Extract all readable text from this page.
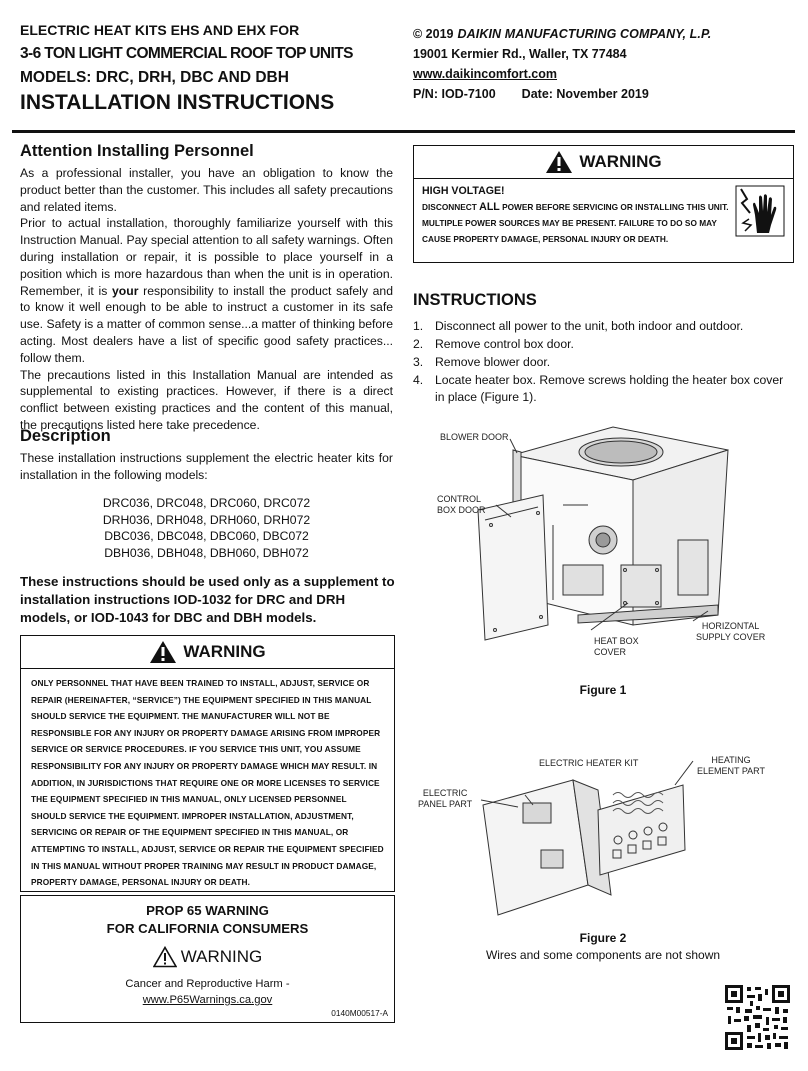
ELECTRIC HEAT KITS EHS AND EHX FOR
3-6 TON LIGHT COMMERCIAL ROOF TOP UNITS
MODELS: DRC, DRH, DBC AND DBH
INSTALLATION INSTRUCTIONS
© 2019 DAIKIN MANUFACTURING COMPANY, L.P.
19001 Kermier Rd., Waller, TX 77484
www.daikincomfort.com
P/N: IOD-7100 Date: November 2019
Attention Installing Personnel

As a professional installer, you have an obligation to know the product better than the customer. This includes all safety precautions and related items.

Prior to actual installation, thoroughly familiarize yourself with this Instruction Manual. Pay special attention to all safety warnings. Often during installation or repair, it is possible to place yourself in a position which is more hazardous than when the unit is in operation. Remember, it is your responsibility to install the product safely and to know it well enough to be able to instruct a customer in its safe use. Safety is a matter of common sense...a matter of thinking before acting. Most dealers have a list of specific good safety practices... follow them.

The precautions listed in this Installation Manual are intended as supplemental to existing practices. However, if there is a direct conflict between existing practices and the content of this manual, the precautions listed here take precedence.

Description
These installation instructions supplement the electric heater kits for installation in the following models:
DRC036, DRC048, DRC060, DRC072
DRH036, DRH048, DRH060, DRH072
DBC036, DBC048, DBC060, DBC072
DBH036, DBH048, DBH060, DBH072
These instructions should be used only as a supplement to installation instructions IOD-1032 for DRC and DRH models, or IOD-1043 for DBC and DBH models.
WARNING
ONLY PERSONNEL THAT HAVE BEEN TRAINED TO INSTALL, ADJUST, SERVICE OR REPAIR (HEREINAFTER, “SERVICE”) THE EQUIPMENT SPECIFIED IN THIS MANUAL SHOULD SERVICE THE EQUIPMENT. THE MANUFACTURER WILL NOT BE RESPONSIBLE FOR ANY INJURY OR PROPERTY DAMAGE ARISING FROM IMPROPER SERVICE OR SERVICE PROCEDURES. IF YOU SERVICE THIS UNIT, YOU ASSUME RESPONSIBILITY FOR ANY INJURY OR PROPERTY DAMAGE WHICH MAY RESULT. IN ADDITION, IN JURISDICTIONS THAT REQUIRE ONE OR MORE LICENSES TO SERVICE THE EQUIPMENT SPECIFIED IN THIS MANUAL, ONLY LICENSED PERSONNEL SHOULD SERVICE THE EQUIPMENT. IMPROPER INSTALLATION, ADJUSTMENT, SERVICING OR REPAIR OF THE EQUIPMENT SPECIFIED IN THIS MANUAL, OR ATTEMPTING TO INSTALL, ADJUST, SERVICE OR REPAIR THE EQUIPMENT SPECIFIED IN THIS MANUAL WITHOUT PROPER TRAINING MAY RESULT IN PRODUCT DAMAGE, PROPERTY DAMAGE, PERSONAL INJURY OR DEATH.
PROP 65 WARNING
FOR CALIFORNIA CONSUMERS
WARNING
Cancer and Reproductive Harm -
www.P65Warnings.ca.gov
0140M00517-A
WARNING
HIGH VOLTAGE!
DISCONNECT ALL POWER BEFORE SERVICING OR INSTALLING THIS UNIT. MULTIPLE POWER SOURCES MAY BE PRESENT. FAILURE TO DO SO MAY CAUSE PROPERTY DAMAGE, PERSONAL INJURY OR DEATH.
INSTRUCTIONS
1. Disconnect all power to the unit, both indoor and outdoor.
2. Remove control box door.
3. Remove blower door.
4. Locate heater box. Remove screws holding the heater box cover in place (Figure 1).
BLOWER DOOR
CONTROL
BOX DOOR
HEAT BOX
COVER
HORIZONTAL
SUPPLY COVER
Figure 1
ELECTRIC HEATER KIT	HEATING
ELEMENT PART
ELECTRIC
PANEL PART
Figure 2
Wires and some components are not shown
